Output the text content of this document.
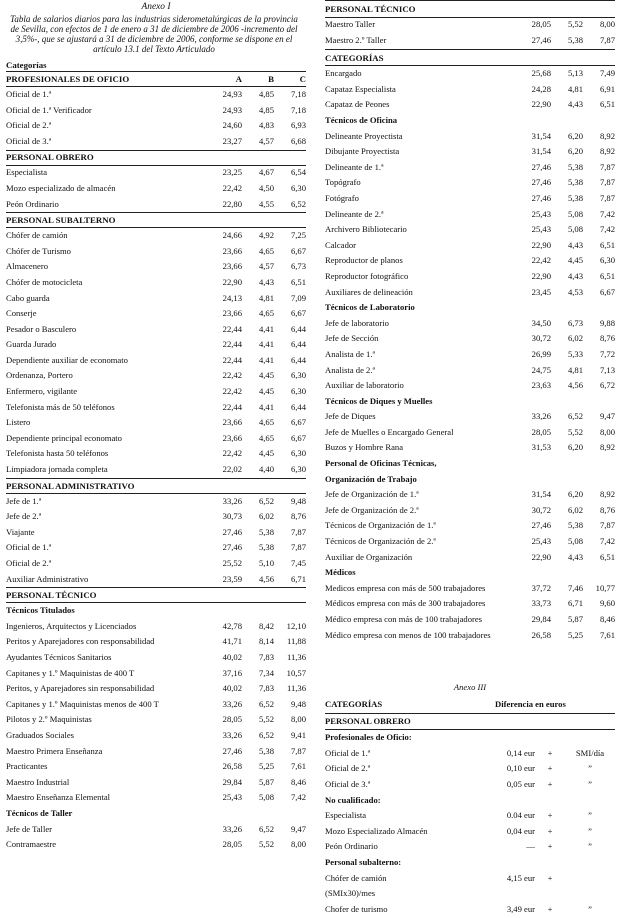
Anexo I
Tabla de salarios diarios para las industrias siderometalúrgicas de la provincia de Sevilla, con efectos de 1 de enero a 31 de diciembre de 2006 -incremento del 3,5%-, que se ajustará a 31 de diciembre de 2006, conforme se dispone en el artículo 13.1 del Texto Articulado
Categorías
PROFESIONALES DE OFICIO	A	B	C
Oficial de 1.ª	24,93	4,85	7,18
Oficial de 1.ª Verificador	24,93	4,85	7,18
Oficial de 2.ª	24,60	4,83	6,93
Oficial de 3.ª	23,27	4,57	6,68
PERSONAL OBRERO			
Especialista	23,25	4,67	6,54
Mozo especializado de almacén	22,42	4,50	6,30
Peón Ordinario	22,80	4,55	6,52
PERSONAL SUBALTERNO			
Chófer de camión	24,66	4,92	7,25
Chófer de Turismo	23,66	4,65	6,67
Almacenero	23,66	4,57	6,73
Chófer de motocicleta	22,90	4,43	6,51
Cabo guarda	24,13	4,81	7,09
Conserje	23,66	4,65	6,67
Pesador o Basculero	22,44	4,41	6,44
Guarda Jurado	22,44	4,41	6,44
Dependiente auxiliar de economato	22,44	4,41	6,44
Ordenanza, Portero	22,42	4,45	6,30
Enfermero, vigilante	22,42	4,45	6,30
Telefonista más de 50 teléfonos	22,44	4,41	6,44
Listero	23,66	4,65	6,67
Dependiente principal economato	23,66	4,65	6,67
Telefonista hasta 50 teléfonos	22,42	4,45	6,30
Limpiadora jornada completa	22,02	4,40	6,30
PERSONAL ADMINISTRATIVO			
Jefe de 1.ª	33,26	6,52	9,48
Jefe de 2.ª	30,73	6,02	8,76
Viajante	27,46	5,38	7,87
Oficial de 1.ª	27,46	5,38	7,87
Oficial de 2.ª	25,52	5,10	7,45
Auxiliar Administrativo	23,59	4,56	6,71
PERSONAL TÉCNICO			
Técnicos Titulados			
Ingenieros, Arquitectos y Licenciados	42,78	8,42	12,10
Peritos y Aparejadores con responsabilidad	41,71	8,14	11,88
Ayudantes Técnicos Sanitarios	40,02	7,83	11,36
Capitanes y 1.º Maquinistas de 400 T	37,16	7,34	10,57
Peritos, y Aparejadores sin responsabilidad	40,02	7,83	11,36
Capitanes y 1.º Maquinistas menos de 400 T	33,26	6,52	9,48
Pilotos y 2.º Maquinistas	28,05	5,52	8,00
Graduados Sociales	33,26	6,52	9,41
Maestro Primera Enseñanza	27,46	5,38	7,87
Practicantes	26,58	5,25	7,61
Maestro Industrial	29,84	5,87	8,46
Maestro Enseñanza Elemental	25,43	5,08	7,42
Técnicos de Taller			
Jefe de Taller	33,26	6,52	9,47
Contramaestre	28,05	5,52	8,00
PERSONAL TÉCNICO			
Maestro Taller	28,05	5,52	8,00
Maestro 2.º Taller	27,46	5,38	7,87
CATEGORÍAS			
Encargado	25,68	5,13	7,49
Capataz Especialista	24,28	4,81	6,91
Capataz de Peones	22,90	4,43	6,51
Técnicos de Oficina			
Delineante Proyectista	31,54	6,20	8,92
Dibujante Proyectista	31,54	6,20	8,92
Delineante de 1.ª	27,46	5,38	7,87
Topógrafo	27,46	5,38	7,87
Fotógrafo	27,46	5,38	7,87
Delineante de 2.ª	25,43	5,08	7,42
Archivero Bibliotecario	25,43	5,08	7,42
Calcador	22,90	4,43	6,51
Reproductor de planos	22,42	4,45	6,30
Reproductor fotográfico	22,90	4,43	6,51
Auxiliares de delineación	23,45	4,53	6,67
Técnicos de Laboratorio			
Jefe de laboratorio	34,50	6,73	9,88
Jefe de Sección	30,72	6,02	8,76
Analista de 1.ª	26,99	5,33	7,72
Analista de 2.ª	24,75	4,81	7,13
Auxiliar de laboratorio	23,63	4,56	6,72
Técnicos de Diques y Muelles			
Jefe de Diques	33,26	6,52	9,47
Jefe de Muelles o Encargado General	28,05	5,52	8,00
Buzos y Hombre Rana	31,53	6,20	8,92
Personal de Oficinas Técnicas,			
Organización de Trabajo			
Jefe de Organización de 1.ª	31,54	6,20	8,92
Jefe de Organización de 2.ª	30,72	6,02	8,76
Técnicos de Organización de 1.ª	27,46	5,38	7,87
Técnicos de Organización de 2.ª	25,43	5,08	7,42
Auxiliar de Organización	22,90	4,43	6,51
Médicos			
Medicos empresa con más de 500 trabajadores	37,72	7,46	10,77
Médicos empresa con más de 300 trabajadores	33,73	6,71	9,60
Médico empresa con más de 100 trabajadores	29,84	5,87	8,46
Médico empresa con menos de 100 trabajadores	26,58	5,25	7,61
Anexo III
CATEGORÍAS	Diferencia en euros		
PERSONAL OBRERO			
Profesionales de Oficio:			
Oficial de 1.ª	0,14 eur	+	SMI/día
Oficial de 2.ª	0,10 eur	+	”
Oficial de 3.ª	0,05 eur	+	”
No cualificado:			
Especialista	0.04 eur	+	”
Mozo Especializado Almacén	0,04 eur	+	”
Peón Ordinario	—	+	”
Personal subalterno:			
Chófer de camión	4,15 eur	+	
(SMIx30)/mes			
Chofer de turismo	3,49 eur	+	”
